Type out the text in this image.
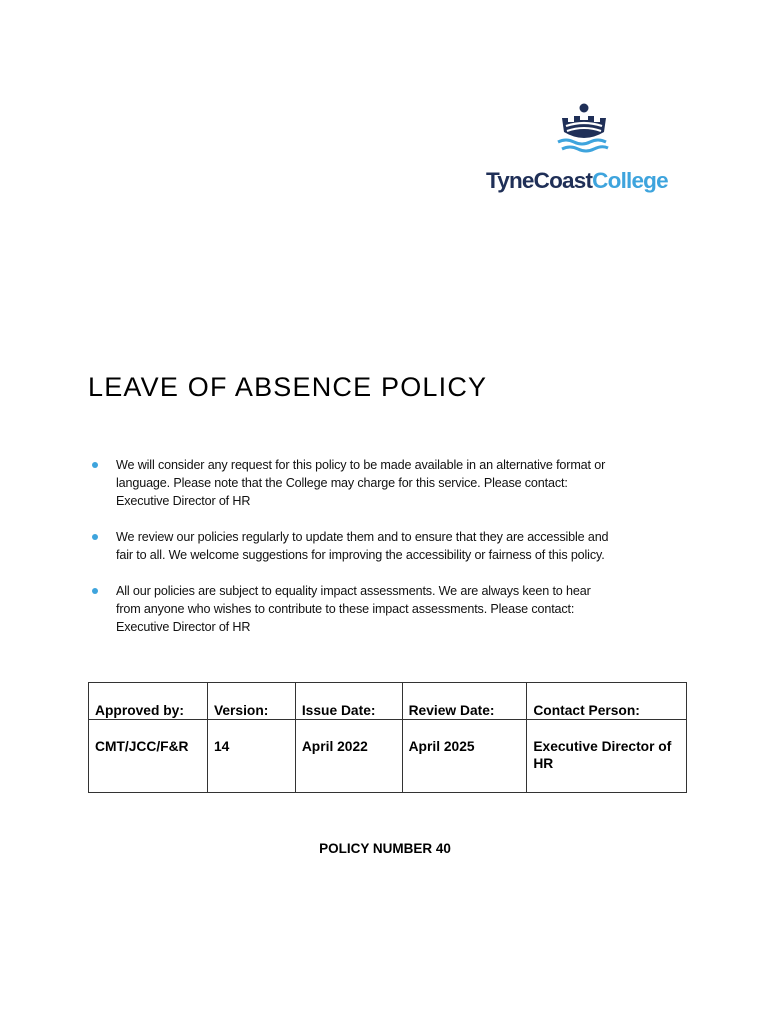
TyneCoastCollege
LEAVE OF ABSENCE POLICY
We will consider any request for this policy to be made available in an alternative format or language. Please note that the College may charge for this service. Please contact: Executive Director of HR
We review our policies regularly to update them and to ensure that they are accessible and fair to all. We welcome suggestions for improving the accessibility or fairness of this policy.
All our policies are subject to equality impact assessments. We are always keen to hear from anyone who wishes to contribute to these impact assessments. Please contact: Executive Director of HR
Approved by:	Version:	Issue Date:	Review Date:	Contact Person:

CMT/JCC/F&R	14	April 2022	April 2025	Executive Director of HR
POLICY NUMBER 40
